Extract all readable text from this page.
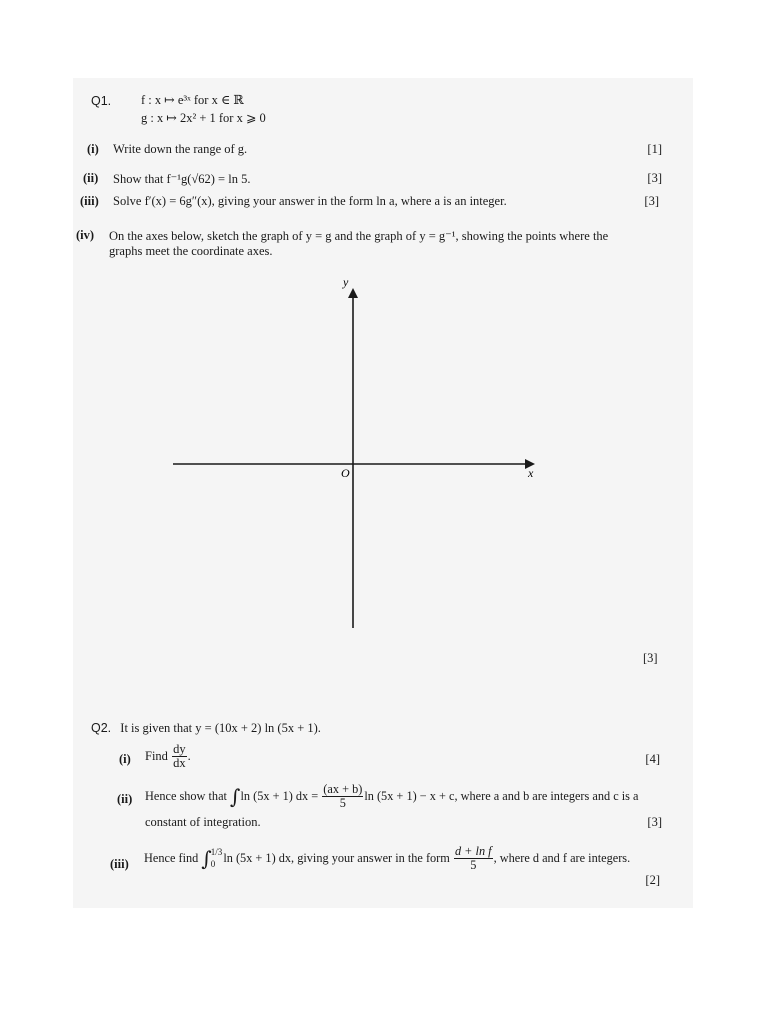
Q1. f : x ↦ e³ˣ for x ∈ ℝ
g : x ↦ 2x² + 1 for x ⩾ 0
(i) Write down the range of g.	[1]
(ii) Show that f⁻¹g(√62) = ln 5.	[3]
(iii) Solve f′(x) = 6g″(x), giving your answer in the form ln a, where a is an integer.	[3]
(iv) On the axes below, sketch the graph of y = g and the graph of y = g⁻¹, showing the points where the
graphs meet the coordinate axes.
y
x
O
[3]
Q2. It is given that y = (10x + 2) ln (5x + 1).
(i) Find $\frac{dy}{dx}$ .	[4]
(ii) Hence show that ∫ln (5x + 1) dx = $\frac{(ax + b)}{5}$ ln (5x + 1) − x + c, where a and b are integers and c is a
constant of integration.	[3]
(iii) Hence find ∫ 1/3
0 ln (5x + 1) dx, giving your answer in the form $\frac{\text{d + ln f}}{5}$ , where d and f are integers.
[2]
